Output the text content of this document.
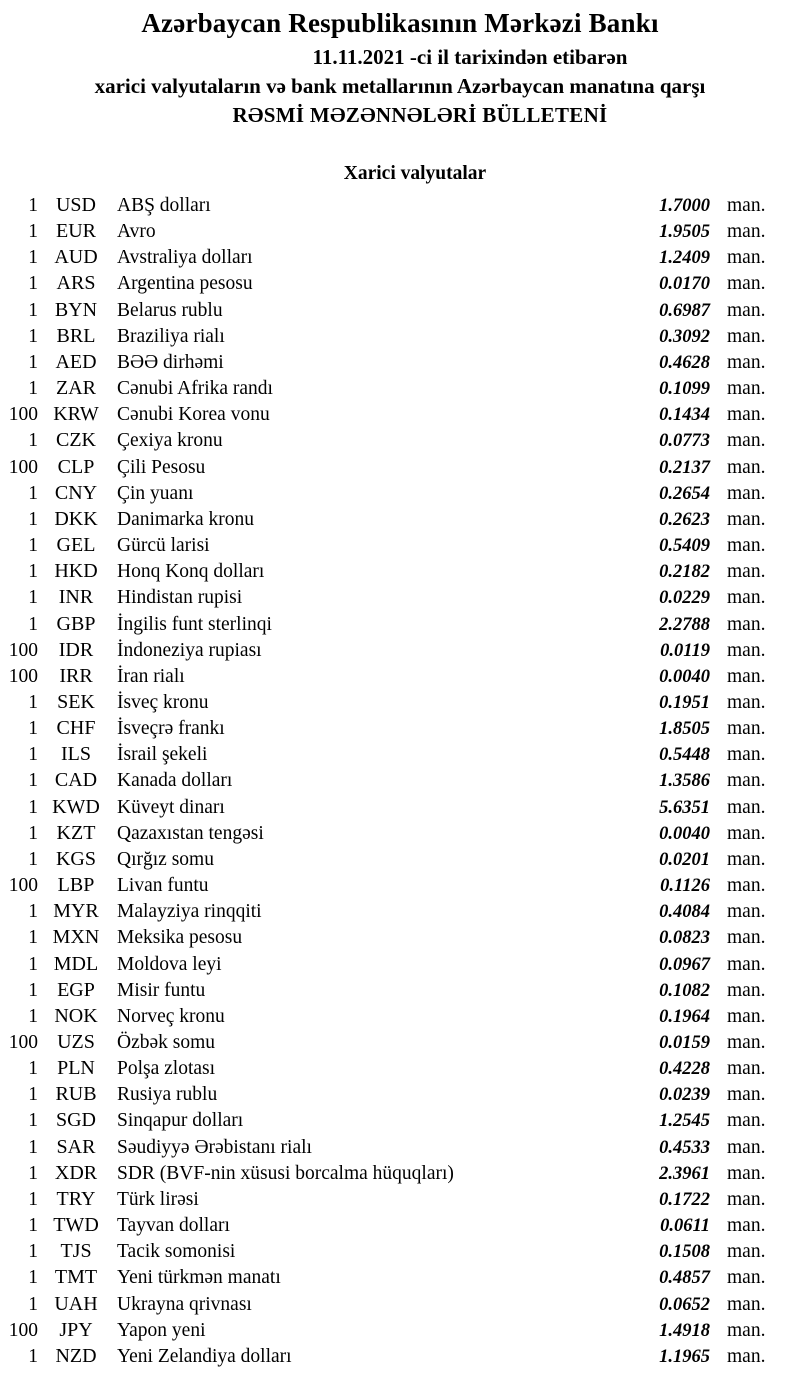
Azərbaycan Respublikasının Mərkəzi Bankı
11.11.2021 -ci il tarixindən etibarən
xarici valyutaların və bank metallarının Azərbaycan manatına qarşı
RƏSMİ MƏZƏNNƏLƏRİ BÜLLETENİ
Xarici valyutalar
1 USD	ABŞ dolları	1.7000 man.
1 EUR	Avro	1.9505 man.
1 AUD Avstraliya dolları	1.2409 man.
1 ARS	Argentina pesosu	0.0170 man.
1 BYN	Belarus rublu	0.6987 man.
1 BRL	Braziliya rialı	0.3092 man.
1 AED	BƏƏ dirhəmi	0.4628 man.
1 ZAR	Cənubi Afrika randı	0.1099 man.
100 KRW Cənubi Korea vonu	0.1434 man.
1 CZK	Çexiya kronu	0.0773 man.
100 CLP	Çili Pesosu	0.2137 man.
1 CNY	Çin yuanı	0.2654 man.
1 DKK Danimarka kronu	0.2623 man.
1 GEL	Gürcü larisi	0.5409 man.
1 HKD Honq Konq dolları	0.2182 man.
1	INR	Hindistan rupisi	0.0229 man.
1 GBP	İngilis funt sterlinqi	2.2788 man.
100	IDR	İndoneziya rupiası	0.0119 man.
100	IRR	İran rialı	0.0040 man.
1 SEK	İsveç kronu	0.1951 man.
1 CHF	İsveçrə frankı	1.8505 man.
1	ILS	İsrail şekeli	0.5448 man.
1 CAD	Kanada dolları	1.3586 man.
1 KWD Küveyt dinarı	5.6351 man.
1 KZT	Qazaxıstan tengəsi	0.0040 man.
1 KGS	Qırğız somu	0.0201 man.
100 LBP	Livan funtu	0.1126 man.
1 MYR Malayziya rinqqiti	0.4084 man.
1 MXN Meksika pesosu	0.0823 man.
1 MDL Moldova leyi	0.0967 man.
1 EGP	Misir funtu	0.1082 man.
1 NOK Norveç kronu	0.1964 man.
100 UZS	Özbək somu	0.0159 man.
1 PLN	Polşa zlotası	0.4228 man.
1 RUB	Rusiya rublu	0.0239 man.
1 SGD	Sinqapur dolları	1.2545 man.
1 SAR	Səudiyyə Ərəbistanı rialı	0.4533 man.
1 XDR	SDR (BVF-nin xüsusi borcalma hüquqları)	2.3961 man.
1 TRY	Türk lirəsi	0.1722 man.
1 TWD Tayvan dolları	0.0611 man.
1	TJS	Tacik somonisi	0.1508 man.
1 TMT	Yeni türkmən manatı	0.4857 man.
1 UAH Ukrayna qrivnası	0.0652 man.
100	JPY	Yapon yeni	1.4918 man.
1 NZD	Yeni Zelandiya dolları	1.1965 man.
